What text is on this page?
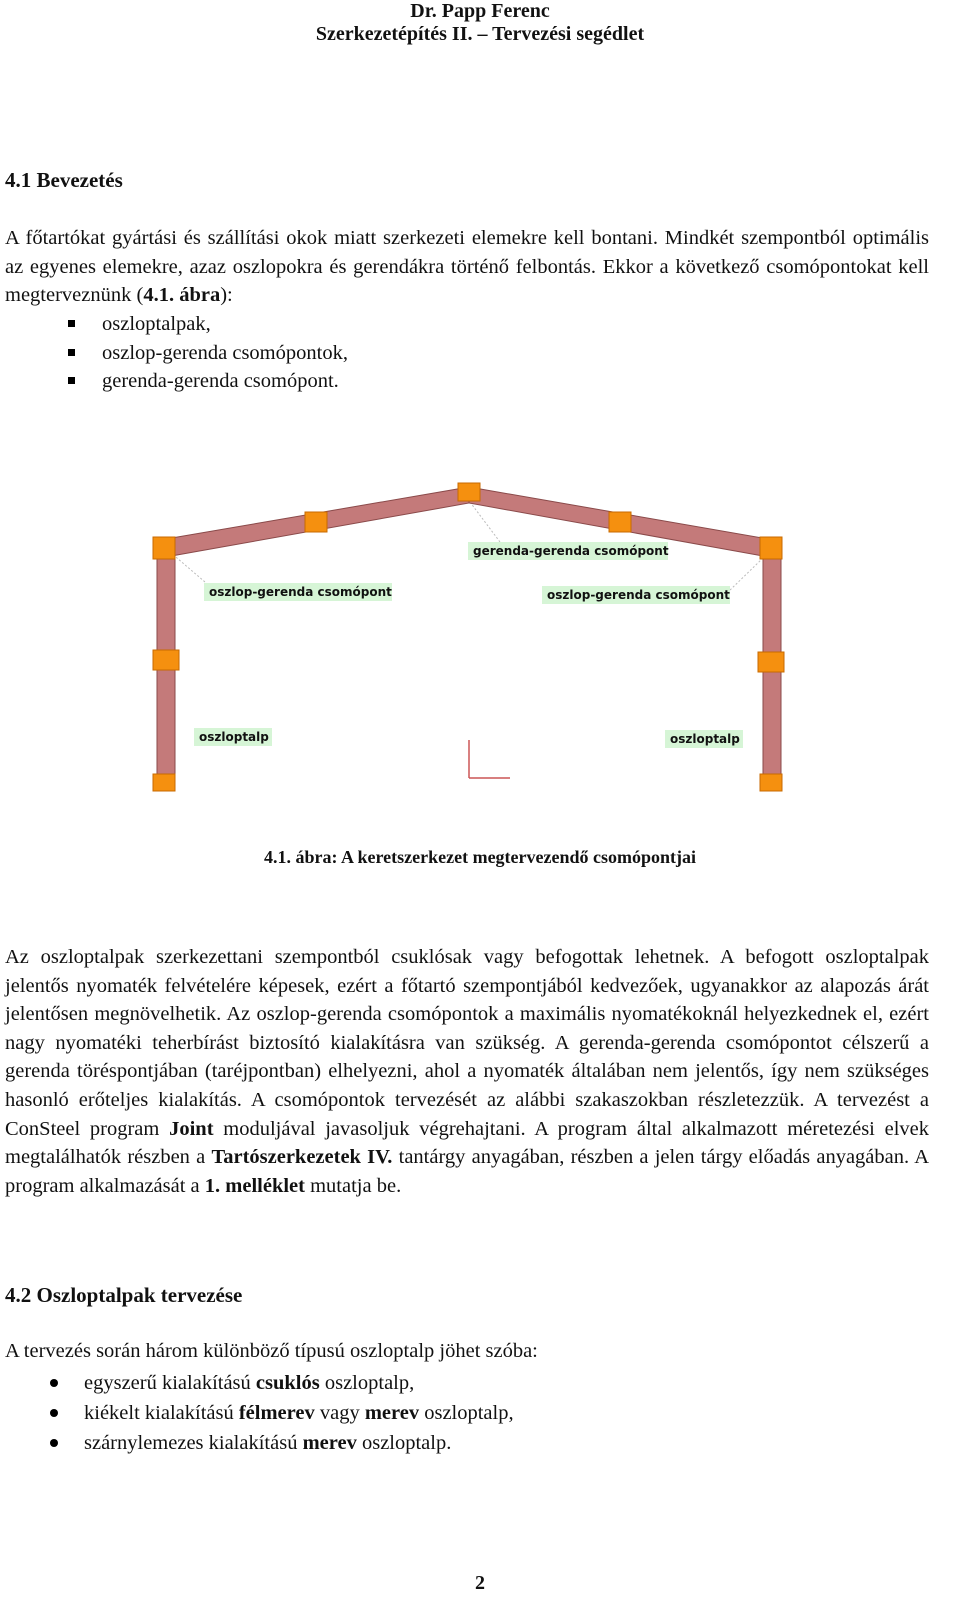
Dr. Papp Ferenc
Szerkezetépítés II. – Tervezési segédlet
4.1 Bevezetés
A főtartókat gyártási és szállítási okok miatt szerkezeti elemekre kell bontani. Mindkét szempontból optimális az egyenes elemekre, azaz oszlopokra és gerendákra történő felbontás. Ekkor a következő csomópontokat kell megterveznünk (4.1. ábra):
oszloptalpak,
oszlop-gerenda csomópontok,
gerenda-gerenda csomópont.
gerenda-gerenda csomópont
oszlop-gerenda csomópont	oszlop-gerenda csomópont
oszloptalp	oszloptalp
4.1. ábra: A keretszerkezet megtervezendő csomópontjai
Az oszloptalpak szerkezettani szempontból csuklósak vagy befogottak lehetnek. A befogott oszloptalpak jelentős nyomaték felvételére képesek, ezért a főtartó szempontjából kedvezőek, ugyanakkor az alapozás árát jelentősen megnövelhetik. Az oszlop-gerenda csomópontok a maximális nyomatékoknál helyezkednek el, ezért nagy nyomatéki teherbírást biztosító kialakításra van szükség. A gerenda-gerenda csomópontot célszerű a gerenda töréspontjában (taréjpontban) elhelyezni, ahol a nyomaték általában nem jelentős, így nem szükséges hasonló erőteljes kialakítás. A csomópontok tervezését az alábbi szakaszokban részletezzük. A tervezést a ConSteel program Joint moduljával javasoljuk végrehajtani. A program által alkalmazott méretezési elvek megtalálhatók részben a Tartószerkezetek IV. tantárgy anyagában, részben a jelen tárgy előadás anyagában. A program alkalmazását a 1. melléklet mutatja be.
4.2 Oszloptalpak tervezése
A tervezés során három különböző típusú oszloptalp jöhet szóba:
egyszerű kialakítású csuklós oszloptalp,
kiékelt kialakítású félmerev vagy merev oszloptalp,
szárnylemezes kialakítású merev oszloptalp.
2
